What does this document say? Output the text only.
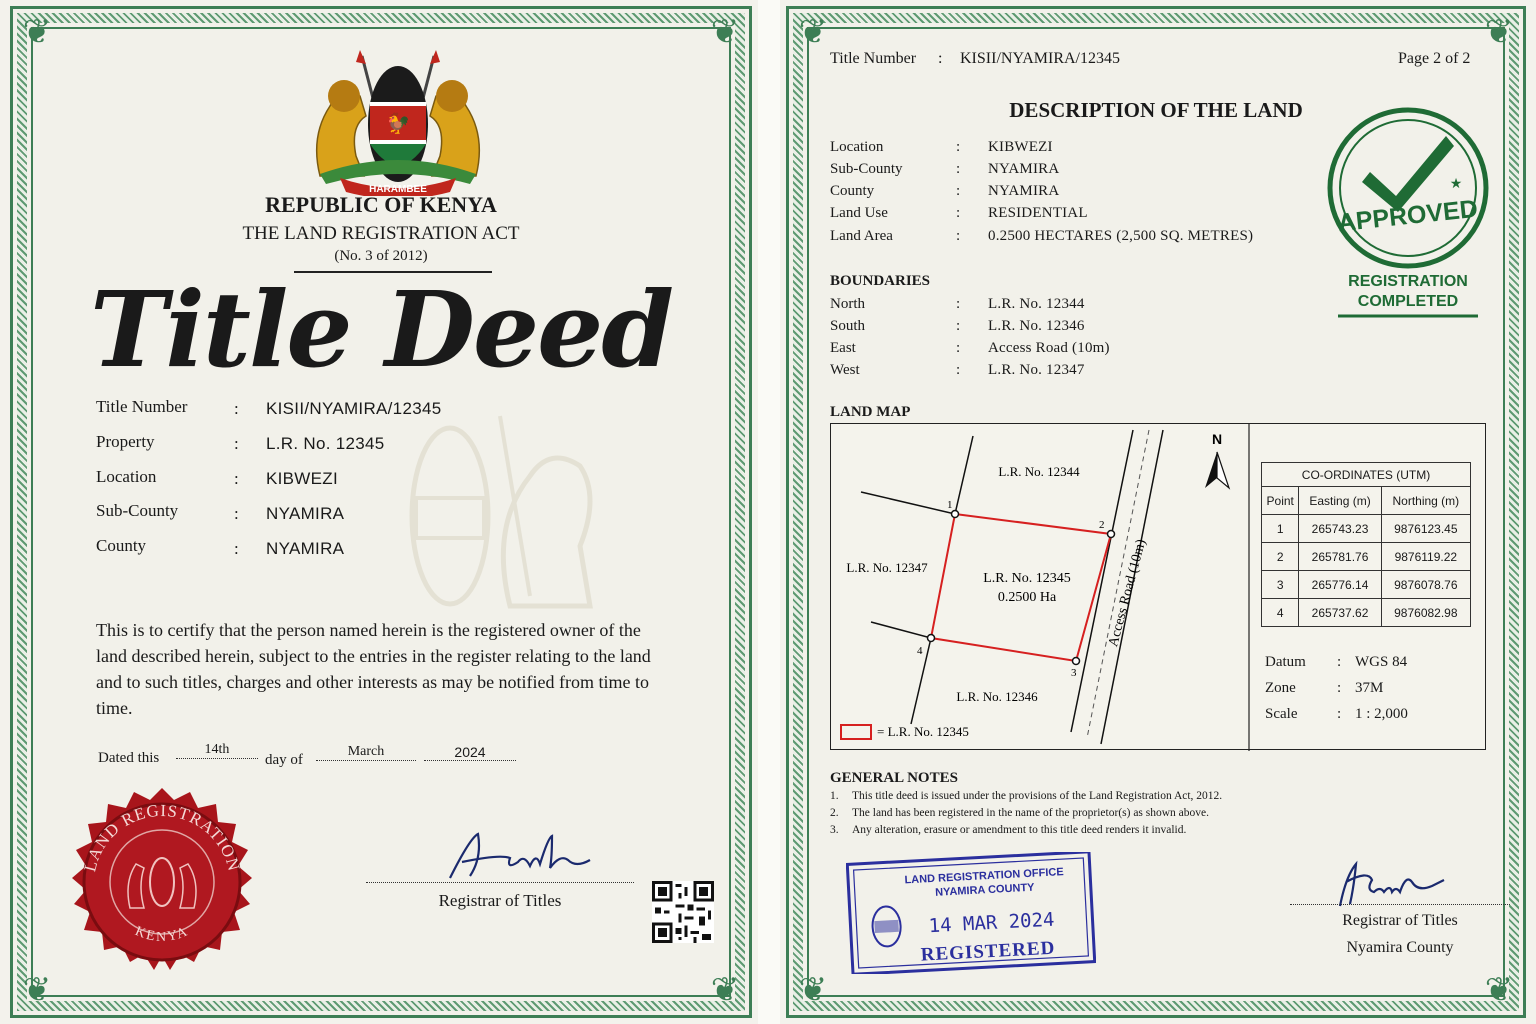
❦	❦
❦	❦
🐓
HARAMBEE
REPUBLIC OF KENYA
THE LAND REGISTRATION ACT
(No. 3 of 2012)
Title Deed
Title Number	: KISII/NYAMIRA/12345
Property	: L.R. No. 12345
Location	: KIBWEZI
Sub-County	: NYAMIRA
County	: NYAMIRA
This is to certify that the person named herein is the registered owner of the land described herein, subject to the entries in the register relating to the land and to such titles, charges and other interests as may be notified from time to time.
Dated this
14th
day of
March	2024
LAND REGISTRATION
KENYA
Registrar of Titles
❦	❦
❦	❦
Title Number : KISII/NYAMIRA/12345	Page 2 of 2
DESCRIPTION OF THE LAND
Location	: KIBWEZI
Sub-County	: NYAMIRA
County	: NYAMIRA
Land Use	: RESIDENTIAL
Land Area	: 0.2500 HECTARES (2,500 SQ. METRES)
BOUNDARIES
North	: L.R. No. 12344
South	: L.R. No. 12346
East	: Access Road (10m)
West	: L.R. No. 12347
APPROVED
★
REGISTRATION
COMPLETED
LAND MAP
1
2
3
4
L.R. No. 12344
L.R. No. 12347
L.R. No. 12346
L.R. No. 12345
0.2500 Ha	Access Road (10m)
N
= L.R. No. 12345
CO-ORDINATES (UTM)		
Point	Easting (m)	Northing (m)
1	265743.23	9876123.45
2	265781.76	9876119.22
3	265776.14	9876078.76
4	265737.62	9876082.98
Datum : WGS 84
Zone	: 37M
Scale	: 1 : 2,000
GENERAL NOTES
1. This title deed is issued under the provisions of the Land Registration Act, 2012.
2. The land has been registered in the name of the proprietor(s) as shown above.
3. Any alteration, erasure or amendment to this title deed renders it invalid.
LAND REGISTRATION OFFICE
NYAMIRA COUNTY
14 MAR 2024
REGISTERED
Registrar of Titles
Nyamira County
